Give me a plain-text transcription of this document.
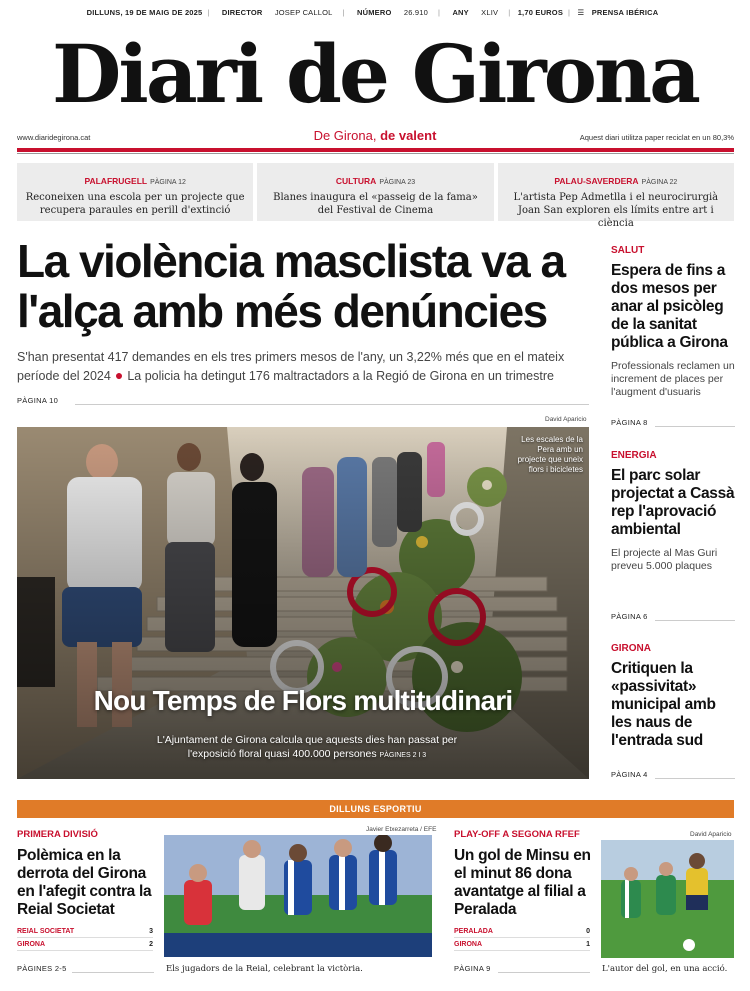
DILLUNS, 19 DE MAIG DE 2025 | DIRECTOR JOSEP CALLOL | NÚMERO 26.910 | ANY XLIV | 1,70 EUROS | ☰ PRENSA IBÉRICA
Diari de Girona
www.diaridegirona.cat	De Girona, de valent	Aquest diari utilitza paper reciclat en un 80,3%
PALAFRUGELL PÀGINA 12
Reconeixen una escola per un projecte que recupera paraules en perill d'extinció
CULTURA PÀGINA 23
Blanes inaugura el «passeig de la fama» del Festival de Cinema
PALAU-SAVERDERA PÀGINA 22
L'artista Pep Admetlla i el neurocirurgià Joan San exploren els límits entre art i ciència
La violència masclista va a l'alça amb més denúncies
S'han presentat 417 demandes en els tres primers mesos de l'any, un 3,22% més que en el mateix període del 2024 ● La policia ha detingut 176 maltractadors a la Regió de Girona en un trimestre
PÀGINA 10
David Aparicio
Les escales de la Pera amb un projecte que uneix flors i bicicletes
Nou Temps de Flors multitudinari
L'Ajuntament de Girona calcula que aquests dies han passat per l'exposició floral quasi 400.000 persones PÀGINES 2 I 3
SALUT
Espera de fins a dos mesos per anar al psicòleg de la sanitat pública a Girona
Professionals reclamen un increment de places per l'augment d'usuaris
PÀGINA 8
ENERGIA
El parc solar projectat a Cassà rep l'aprovació ambiental
El projecte al Mas Guri preveu 5.000 plaques
PÀGINA 6
GIRONA
Critiquen la «passivitat» municipal amb les naus de l'entrada sud
PÀGINA 4
DILLUNS ESPORTIU
PRIMERA DIVISIÓ
Polèmica en la derrota del Girona en l'afegit contra la Reial Societat
REIAL SOCIETAT	3
GIRONA	2
PÀGINES 2-5
Javier Etxezarreta / EFE
Els jugadors de la Reial, celebrant la victòria.
PLAY-OFF A SEGONA RFEF
Un gol de Minsu en el minut 86 dona avantatge al filial a Peralada
PERALADA	0
GIRONA	1
PÀGINA 9
David Aparicio
L'autor del gol, en una acció.
